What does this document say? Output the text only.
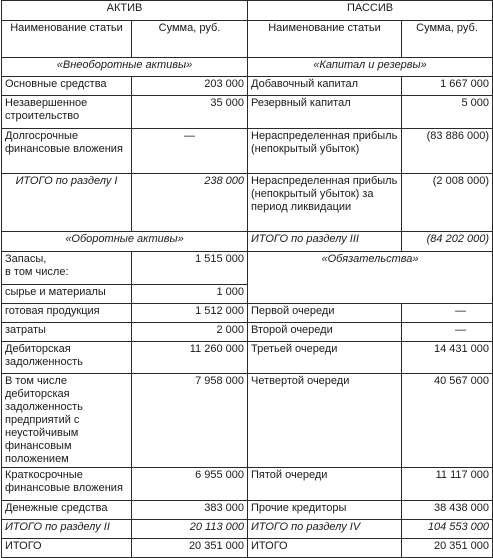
АКТИВ		ПАССИВ	
Наименование статьи	Сумма, руб.	Наименование статьи	Сумма, руб.
«Внеоборотные активы»		«Капитал и резервы»	
Основные средства	203 000	Добавочный капитал	1 667 000
Незавершенное строительство	35 000	Резервный капитал	5 000
Долгосрочные финансовые вложения	—	Нераспределенная прибыль (непокрытый убыток)	(83 886 000)
ИТОГО по разделу I	238 000	Нераспределенная прибыль (непокрытый убыток) за период ликвидации	(2 008 000)
«Оборотные активы»		ИТОГО по разделу III	(84 202 000)
Запасы,
в том числе:	1 515 000	«Обязательства»	
сырье и материалы	1 000		
готовая продукция	1 512 000	Первой очереди	—
затраты	2 000	Второй очереди	—
Дебиторская задолженность	11 260 000	Третьей очереди	14 431 000
В том числе дебиторская задолженность предприятий с неустойчивым финансовым положением	7 958 000	Четвертой очереди	40 567 000
Краткосрочные финансовые вложения	6 955 000	Пятой очереди	11 117 000
Денежные средства	383 000	Прочие кредиторы	38 438 000
ИТОГО по разделу II	20 113 000	ИТОГО по разделу IV	104 553 000
ИТОГО	20 351 000	ИТОГО	20 351 000
